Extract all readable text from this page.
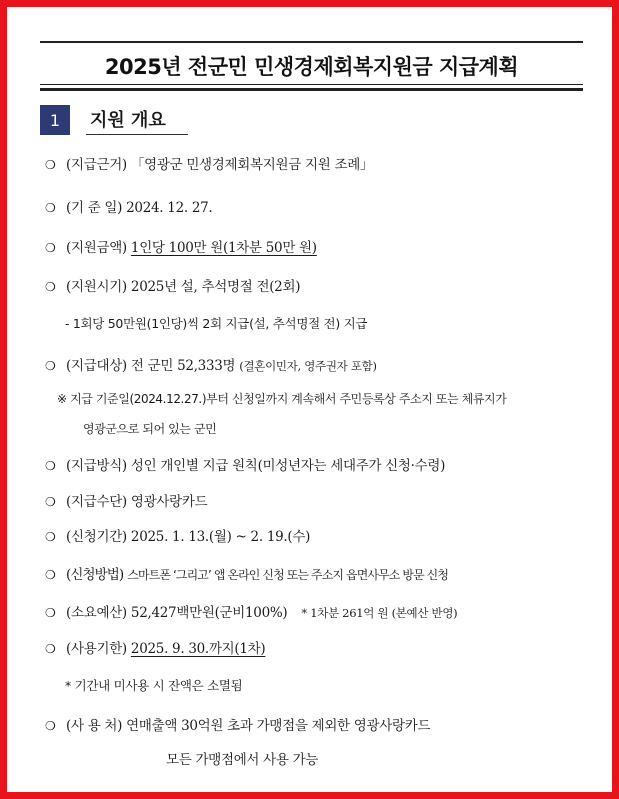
2025년 전군민 민생경제회복지원금 지급계획
1	지원 개요
❍ (지급근거) 「영광군 민생경제회복지원금 지원 조례」
❍ (기 준 일) 2024. 12. 27.
❍ (지원금액) 1인당 100만 원(1차분 50만 원)
❍ (지원시기) 2025년 설, 추석명절 전(2회)
- 1회당 50만원(1인당)씩 2회 지급(설, 추석명절 전) 지급
❍ (지급대상) 전 군민 52,333명 (결혼이민자, 영주권자 포함)
※ 지급 기준일(2024.12.27.)부터 신청일까지 계속해서 주민등록상 주소지 또는 체류지가
영광군으로 되어 있는 군민
❍ (지급방식) 성인 개인별 지급 원칙(미성년자는 세대주가 신청·수령)
❍ (지급수단) 영광사랑카드
❍ (신청기간) 2025. 1. 13.(월) ~ 2. 19.(수)
❍ (신청방법) 스마트폰 ‘그리고’ 앱 온라인 신청 또는 주소지 읍면사무소 방문 신청
❍ (소요예산) 52,427백만원(군비100%) * 1차분 261억 원 (본예산 반영)
❍ (사용기한) 2025. 9. 30.까지(1차)
* 기간내 미사용 시 잔액은 소멸됨
❍ (사 용 처) 연매출액 30억원 초과 가맹점을 제외한 영광사랑카드
모든 가맹점에서 사용 가능
